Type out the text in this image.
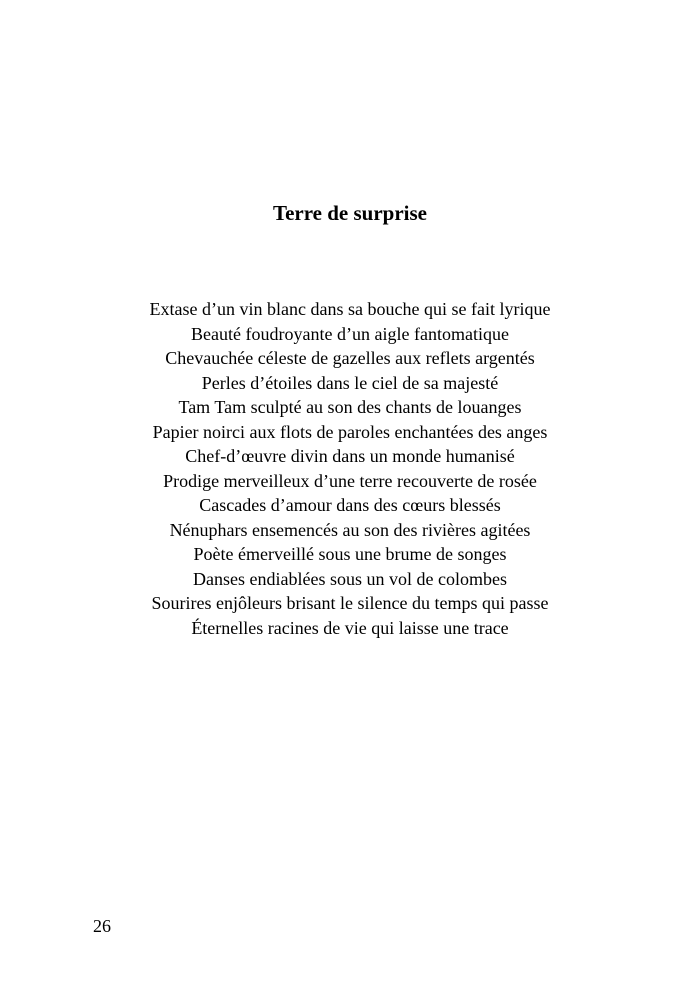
Terre de surprise
Extase d’un vin blanc dans sa bouche qui se fait lyrique
Beauté foudroyante d’un aigle fantomatique
Chevauchée céleste de gazelles aux reflets argentés
Perles d’étoiles dans le ciel de sa majesté
Tam Tam sculpté au son des chants de louanges
Papier noirci aux flots de paroles enchantées des anges
Chef-d’œuvre divin dans un monde humanisé
Prodige merveilleux d’une terre recouverte de rosée
Cascades d’amour dans des cœurs blessés
Nénuphars ensemencés au son des rivières agitées
Poète émerveillé sous une brume de songes
Danses endiablées sous un vol de colombes
Sourires enjôleurs brisant le silence du temps qui passe
Éternelles racines de vie qui laisse une trace
26
